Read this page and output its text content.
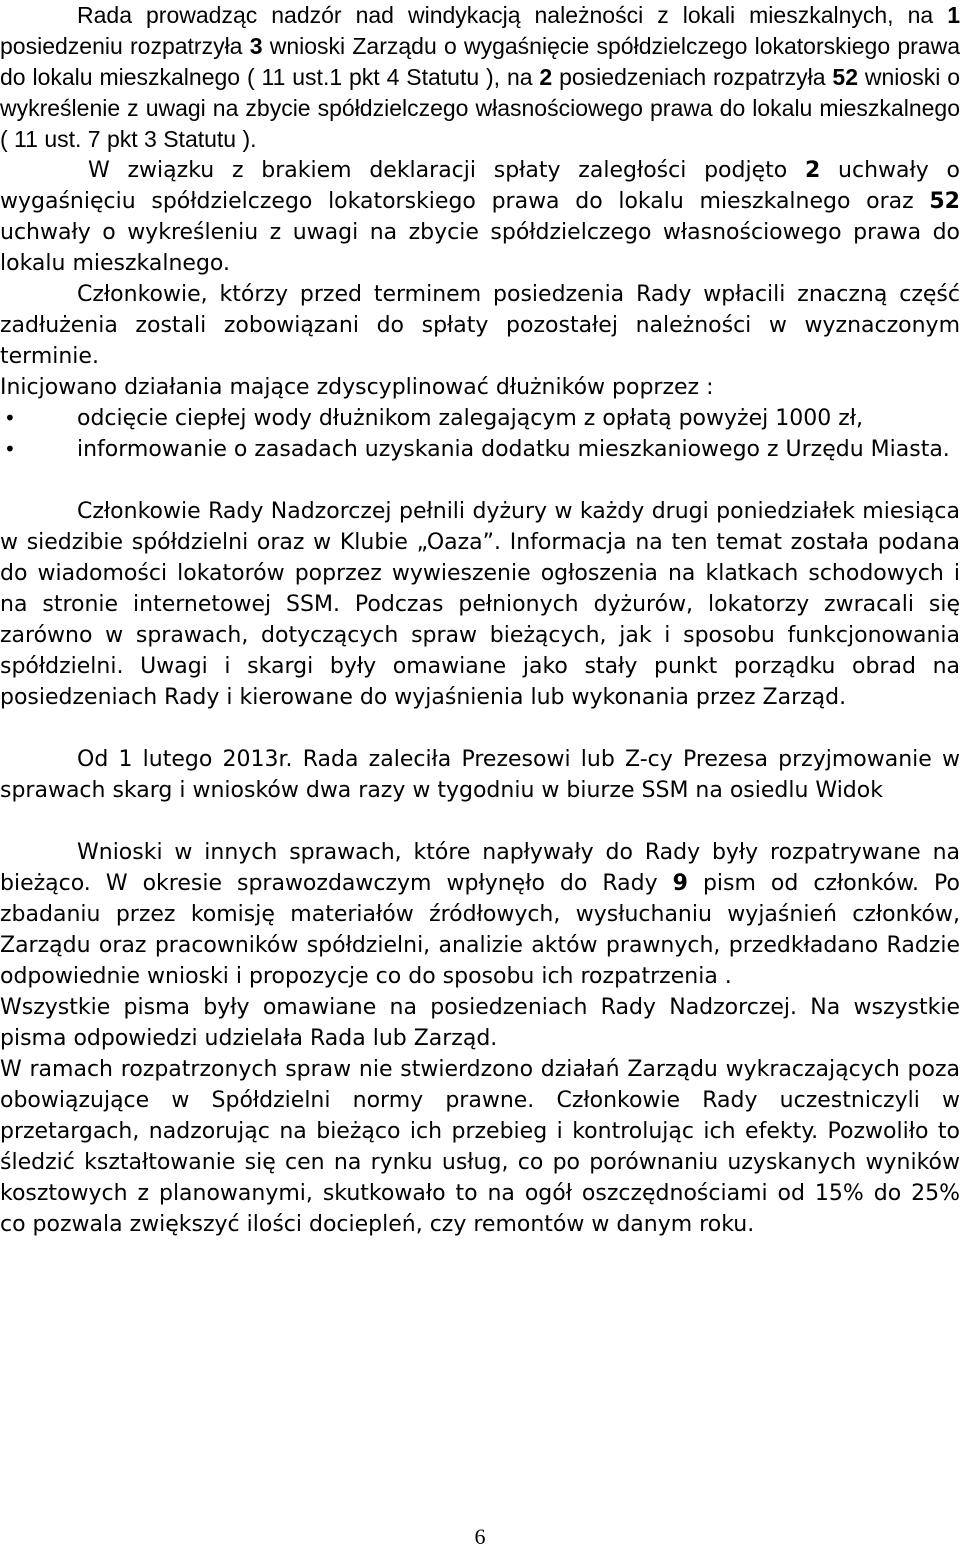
Rada prowadząc nadzór nad windykacją należności z lokali mieszkalnych, na 1 posiedzeniu rozpatrzyła 3 wnioski Zarządu o wygaśnięcie spółdzielczego lokatorskiego prawa do lokalu mieszkalnego ( 11 ust.1 pkt 4 Statutu ), na 2 posiedzeniach rozpatrzyła 52 wnioski o wykreślenie z uwagi na zbycie spółdzielczego własnościowego prawa do lokalu mieszkalnego ( 11 ust. 7 pkt 3 Statutu ).

W związku z brakiem deklaracji spłaty zaległości podjęto 2 uchwały o wygaśnięciu spółdzielczego lokatorskiego prawa do lokalu mieszkalnego oraz 52 uchwały o wykreśleniu z uwagi na zbycie spółdzielczego własnościowego prawa do lokalu mieszkalnego.

Członkowie, którzy przed terminem posiedzenia Rady wpłacili znaczną część zadłużenia zostali zobowiązani do spłaty pozostałej należności w wyznaczonym terminie.

Inicjowano działania mające zdyscyplinować dłużników poprzez :

• odcięcie ciepłej wody dłużnikom zalegającym z opłatą powyżej 1000 zł,
• informowanie o zasadach uzyskania dodatku mieszkaniowego z Urzędu Miasta.

Członkowie Rady Nadzorczej pełnili dyżury w każdy drugi poniedziałek miesiąca w siedzibie spółdzielni oraz w Klubie „Oaza”. Informacja na ten temat została podana do wiadomości lokatorów poprzez wywieszenie ogłoszenia na klatkach schodowych i na stronie internetowej SSM. Podczas pełnionych dyżurów, lokatorzy zwracali się zarówno w sprawach, dotyczących spraw bieżących, jak i sposobu funkcjonowania spółdzielni. Uwagi i skargi były omawiane jako stały punkt porządku obrad na posiedzeniach Rady i kierowane do wyjaśnienia lub wykonania przez Zarząd.

Od 1 lutego 2013r. Rada zaleciła Prezesowi lub Z-cy Prezesa przyjmowanie w sprawach skarg i wniosków dwa razy w tygodniu w biurze SSM na osiedlu Widok

Wnioski w innych sprawach, które napływały do Rady były rozpatrywane na bieżąco. W okresie sprawozdawczym wpłynęło do Rady 9 pism od członków. Po zbadaniu przez komisję materiałów źródłowych, wysłuchaniu wyjaśnień członków, Zarządu oraz pracowników spółdzielni, analizie aktów prawnych, przedkładano Radzie odpowiednie wnioski i propozycje co do sposobu ich rozpatrzenia .

Wszystkie pisma były omawiane na posiedzeniach Rady Nadzorczej. Na wszystkie pisma odpowiedzi udzielała Rada lub Zarząd.

W ramach rozpatrzonych spraw nie stwierdzono działań Zarządu wykraczających poza obowiązujące w Spółdzielni normy prawne. Członkowie Rady uczestniczyli w przetargach, nadzorując na bieżąco ich przebieg i kontrolując ich efekty. Pozwoliło to śledzić kształtowanie się cen na rynku usług, co po porównaniu uzyskanych wyników kosztowych z planowanymi, skutkowało to na ogół oszczędnościami od 15% do 25% co pozwala zwiększyć ilości dociepleń, czy remontów w danym roku.

6
